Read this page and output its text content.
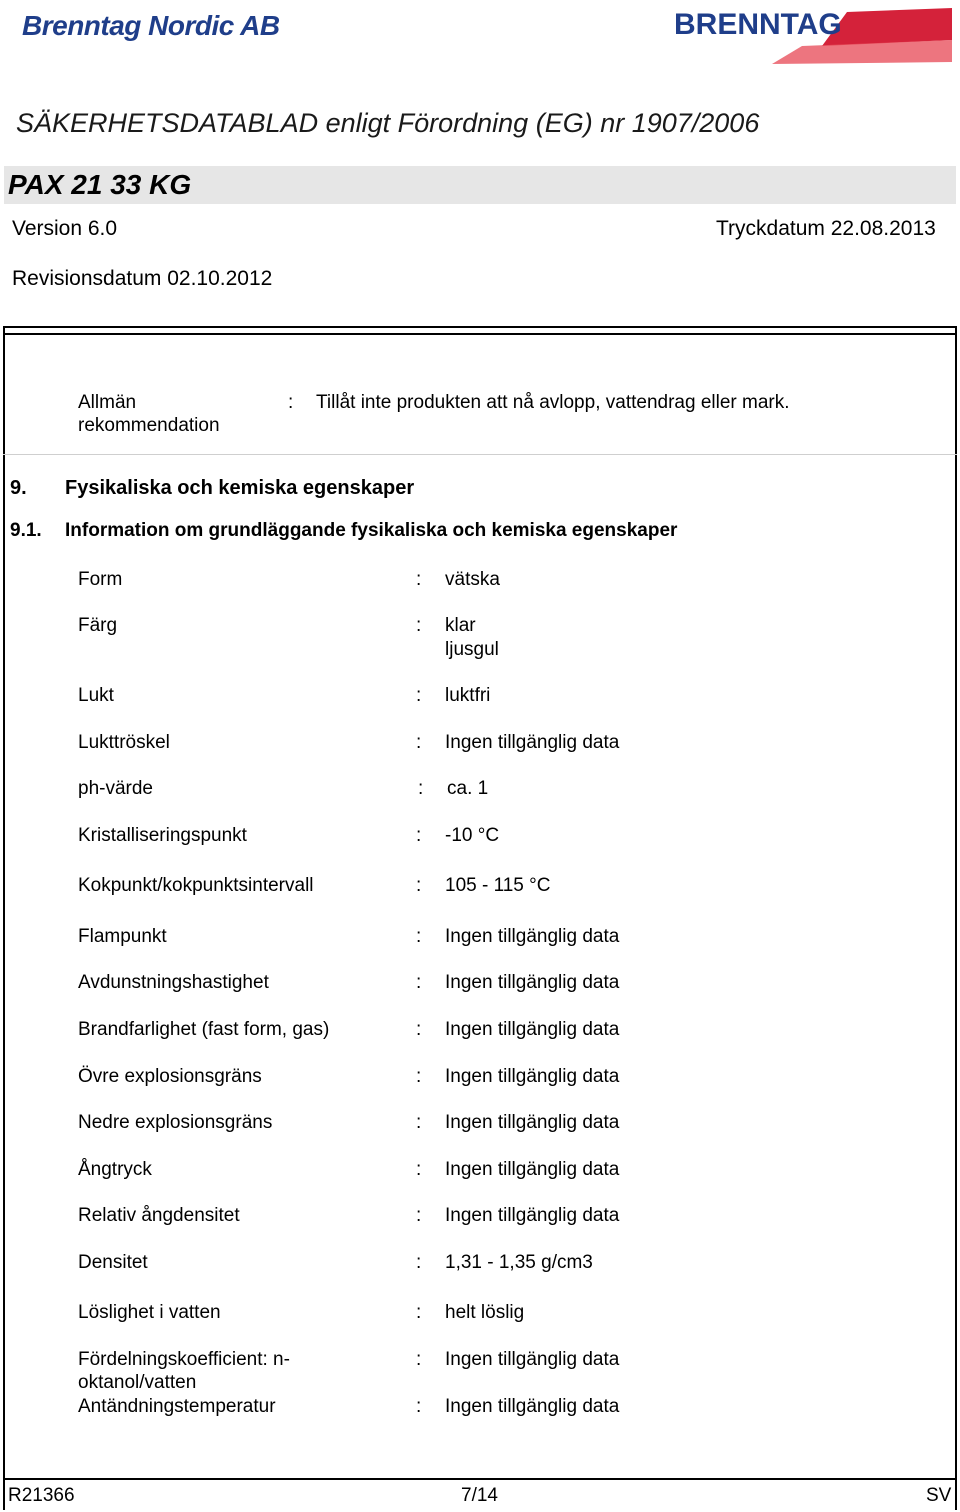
Brenntag Nordic AB	BRENNTAG
SÄKERHETSDATABLAD enligt Förordning (EG) nr 1907/2006
PAX 21 33 KG
Version 6.0	Tryckdatum 22.08.2013
Revisionsdatum 02.10.2012
Allmän
rekommendation
: Tillåt inte produkten att nå avlopp, vattendrag eller mark.
9. Fysikaliska och kemiska egenskaper
9.1. Information om grundläggande fysikaliska och kemiska egenskaper
Form	: vätska
Färg	: klar
ljusgul
Lukt	: luktfri
Lukttröskel	: Ingen tillgänglig data
ph-värde	: ca. 1
Kristalliseringspunkt	: -10 °C
Kokpunkt/kokpunktsintervall	: 105 - 115 °C
Flampunkt	: Ingen tillgänglig data
Avdunstningshastighet	: Ingen tillgänglig data
Brandfarlighet (fast form, gas)	: Ingen tillgänglig data
Övre explosionsgräns	: Ingen tillgänglig data
Nedre explosionsgräns	: Ingen tillgänglig data
Ångtryck	: Ingen tillgänglig data
Relativ ångdensitet	: Ingen tillgänglig data
Densitet	: 1,31 - 1,35 g/cm3
Löslighet i vatten	: helt löslig
Fördelningskoefficient: n-
oktanol/vatten
: Ingen tillgänglig data
Antändningstemperatur	: Ingen tillgänglig data
R21366	7/14	SV
